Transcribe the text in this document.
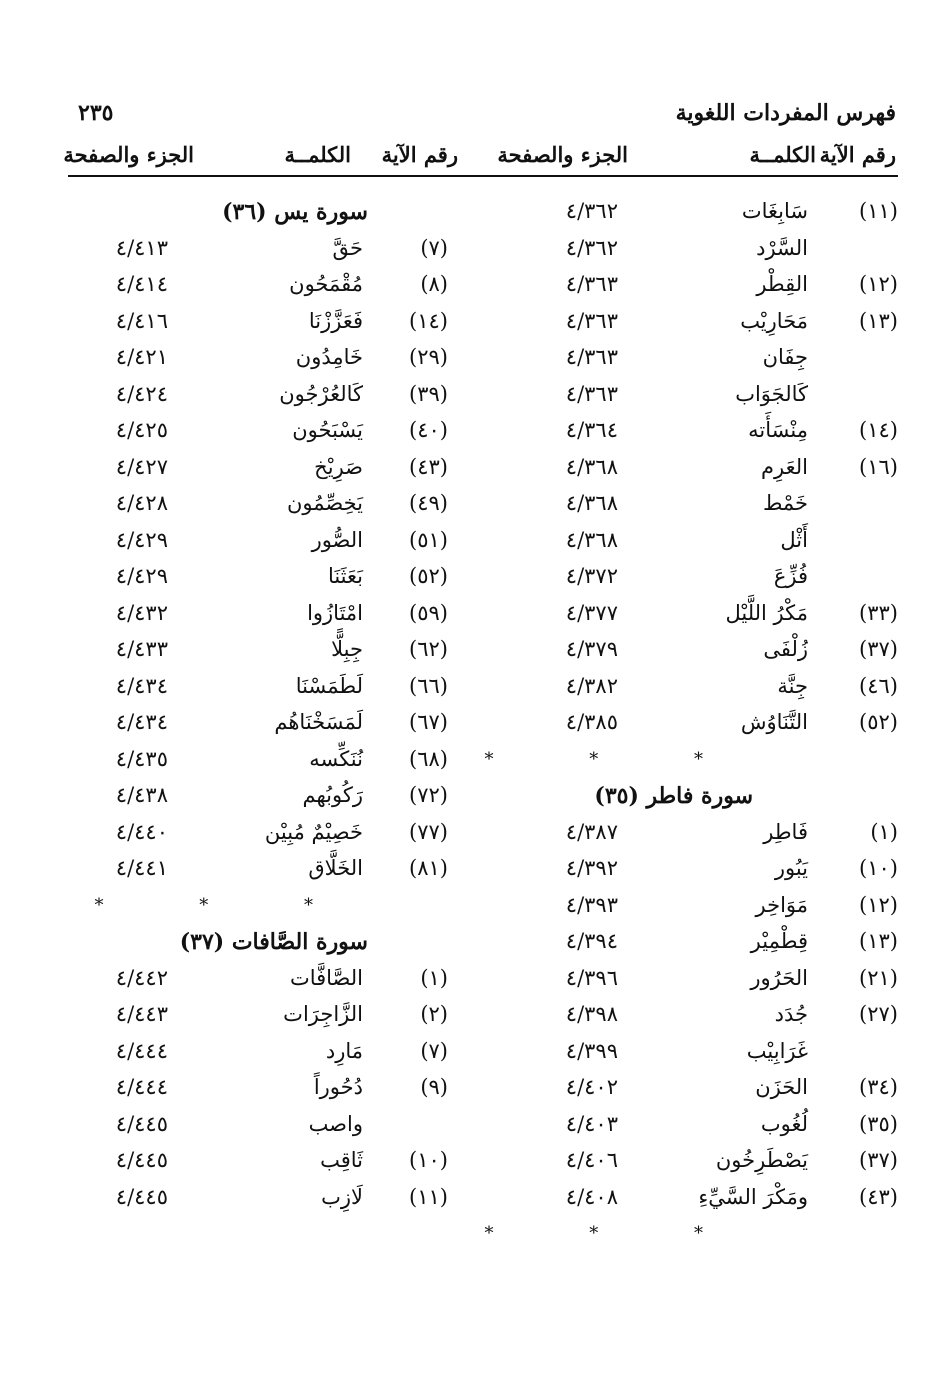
فهرس المفردات اللغوية
٢٣٥
رقم الآية
الكلمــة
الجزء والصفحة
رقم الآية
الكلمــة
الجزء والصفحة
(١١)
سَابِغَات
٤/٣٦٢
السَّرْد
٤/٣٦٢
(١٢)
القِطْر
٤/٣٦٣
(١٣)
مَحَارِيْب
٤/٣٦٣
جِفَان
٤/٣٦٣
كَالجَوَاب
٤/٣٦٣
(١٤)
مِنْسَأَته
٤/٣٦٤
(١٦)
العَرِم
٤/٣٦٨
خَمْط
٤/٣٦٨
أَثْل
٤/٣٦٨
فُزِّعَ
٤/٣٧٢
(٣٣)
مَكْرُ اللَّيْل
٤/٣٧٧
(٣٧)
زُلْفَى
٤/٣٧٩
(٤٦)
جِنَّة
٤/٣٨٢
(٥٢)
التَّنَاوُش
٤/٣٨٥
* * *
سورة فاطر (٣٥)
(١)
فَاطِر
٤/٣٨٧
(١٠)
يَبُور
٤/٣٩٢
(١٢)
مَوَاخِر
٤/٣٩٣
(١٣)
قِطْمِيْر
٤/٣٩٤
(٢١)
الحَرُور
٤/٣٩٦
(٢٧)
جُدَد
٤/٣٩٨
غَرَابِيْب
٤/٣٩٩
(٣٤)
الحَزَن
٤/٤٠٢
(٣٥)
لُغُوب
٤/٤٠٣
(٣٧)
يَصْطَرِخُون
٤/٤٠٦
(٤٣)
ومَكْرَ السَّيِّءِ
٤/٤٠٨
* * *
سورة يس (٣٦)
(٧)
حَقَّ
٤/٤١٣
(٨)
مُقْمَحُون
٤/٤١٤
(١٤)
فَعَزَّزْنَا
٤/٤١٦
(٢٩)
خَامِدُون
٤/٤٢١
(٣٩)
كَالعُرْجُون
٤/٤٢٤
(٤٠)
يَسْبَحُون
٤/٤٢٥
(٤٣)
صَرِيْخ
٤/٤٢٧
(٤٩)
يَخِصِّمُون
٤/٤٢٨
(٥١)
الصُّور
٤/٤٢٩
(٥٢)
بَعَثَنَا
٤/٤٢٩
(٥٩)
امْتَازُوا
٤/٤٣٢
(٦٢)
جِبِلًّا
٤/٤٣٣
(٦٦)
لَطَمَسْنَا
٤/٤٣٤
(٦٧)
لَمَسَخْنَاهُم
٤/٤٣٤
(٦٨)
نُنَكِّسه
٤/٤٣٥
(٧٢)
رَكُوبُهم
٤/٤٣٨
(٧٧)
خَصِيْمٌ مُبِيْن
٤/٤٤٠
(٨١)
الخَلَّاق
٤/٤٤١
* * *
سورة الصَّافات (٣٧)
(١)
الصَّافَّات
٤/٤٤٢
(٢)
الزَّاجِرَات
٤/٤٤٣
(٧)
مَارِد
٤/٤٤٤
(٩)
دُحُوراً
٤/٤٤٤
واصب
٤/٤٤٥
(١٠)
ثَاقِب
٤/٤٤٥
(١١)
لَازِب
٤/٤٤٥
